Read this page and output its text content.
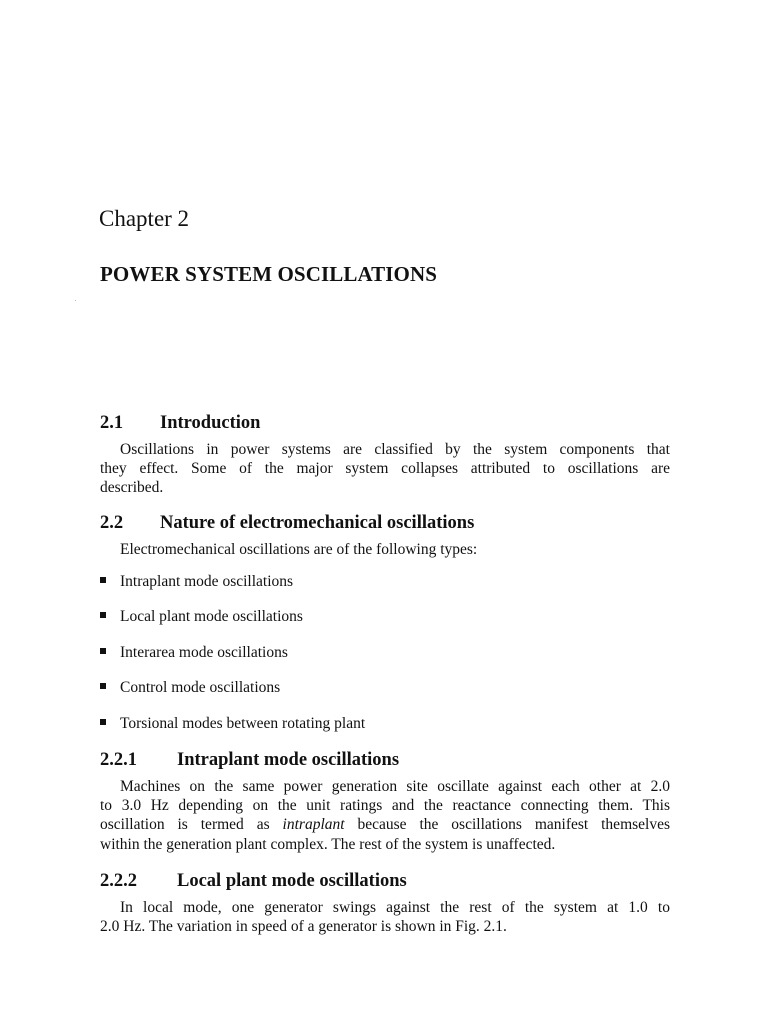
Chapter 2
POWER SYSTEM OSCILLATIONS
2.1 Introduction
Oscillations in power systems are classified by the system components that
they effect. Some of the major system collapses attributed to oscillations are
described.
2.2 Nature of electromechanical oscillations
Electromechanical oscillations are of the following types:
Intraplant mode oscillations
Local plant mode oscillations
Interarea mode oscillations
Control mode oscillations
Torsional modes between rotating plant
2.2.1 Intraplant mode oscillations
Machines on the same power generation site oscillate against each other at 2.0
to 3.0 Hz depending on the unit ratings and the reactance connecting them. This
oscillation is termed as intraplant because the oscillations manifest themselves
within the generation plant complex. The rest of the system is unaffected.
2.2.2 Local plant mode oscillations
In local mode, one generator swings against the rest of the system at 1.0 to
2.0 Hz. The variation in speed of a generator is shown in Fig. 2.1.
